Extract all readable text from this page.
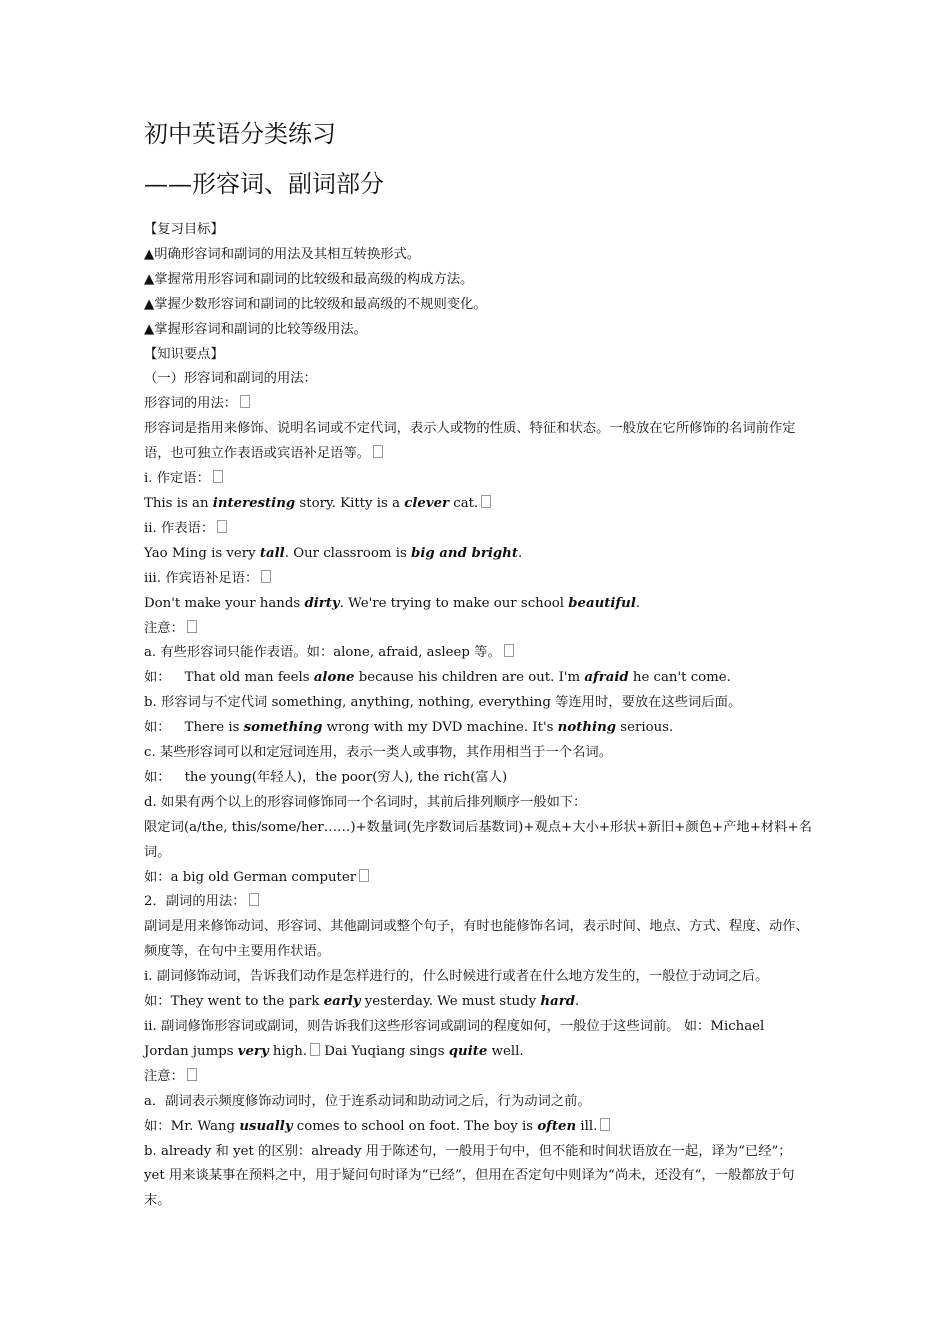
初中英语分类练习
——形容词、副词部分

【复习目标】

▲明确形容词和副词的用法及其相互转换形式。

▲掌握常用形容词和副词的比较级和最高级的构成方法。

▲掌握少数形容词和副词的比较级和最高级的不规则变化。

▲掌握形容词和副词的比较等级用法。

【知识要点】

（一）形容词和副词的用法：

形容词的用法：

形容词是指用来修饰、说明名词或不定代词，表示人或物的性质、特征和状态。一般放在它所修饰的名词前作定语，也可独立作表语或宾语补足语等。

i. 作定语：

This is an interesting story. Kitty is a clever cat.

ii. 作表语：

Yao Ming is very tall. Our classroom is big and bright.

iii. 作宾语补足语：

Don't make your hands dirty. We're trying to make our school beautiful.

注意：

a. 有些形容词只能作表语。如：alone, afraid, asleep 等。

如： That old man feels alone because his children are out. I'm afraid he can't come.

b. 形容词与不定代词 something, anything, nothing, everything 等连用时，要放在这些词后面。

如： There is something wrong with my DVD machine. It's nothing serious.

c. 某些形容词可以和定冠词连用，表示一类人或事物，其作用相当于一个名词。

如： the young(年轻人)，the poor(穷人), the rich(富人)

d. 如果有两个以上的形容词修饰同一个名词时，其前后排列顺序一般如下：

限定词(a/the, this/some/her……)+数量词(先序数词后基数词)+观点+大小+形状+新旧+颜色+产地+材料+名词。

如：a big old German computer

2．副词的用法：

副词是用来修饰动词、形容词、其他副词或整个句子，有时也能修饰名词，表示时间、地点、方式、程度、动作、频度等，在句中主要用作状语。

i. 副词修饰动词，告诉我们动作是怎样进行的，什么时候进行或者在什么地方发生的，一般位于动词之后。

如：They went to the park early yesterday. We must study hard.

ii. 副词修饰形容词或副词，则告诉我们这些形容词或副词的程度如何，一般位于这些词前。 如：Michael Jordan jumps very high. Dai Yuqiang sings quite well.

注意：

a．副词表示频度修饰动词时，位于连系动词和助动词之后，行为动词之前。

如：Mr. Wang usually comes to school on foot. The boy is often ill.

b. already 和 yet 的区别：already 用于陈述句，一般用于句中，但不能和时间状语放在一起，译为“已经”；yet 用来谈某事在预料之中，用于疑问句时译为“已经”，但用在否定句中则译为“尚未，还没有”，一般都放于句末。
